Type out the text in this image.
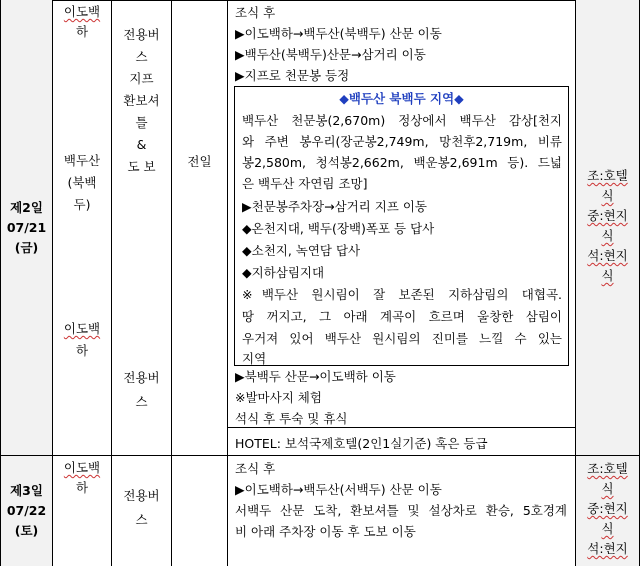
제2일
07/21
(금)
이도백
하
백두산
(북백
두)
이도백
하
전용버
스
지프
환보셔
틀
&
도 보
전용버
스
전일
조식 후
▶이도백하→백두산(북백두) 산문 이동
▶백두산(북백두)산문→삼거리 이동
▶지프로 천문봉 등정
▶북백두 산문→이도백하 이동
※발마사지 체험
석식 후 투숙 및 휴식
◆백두산 북백두 지역◆
백두산 천문봉(2,670m) 정상에서 백두산 감상[천지
와 주변 봉우리(장군봉2,749m, 망천후2,719m, 비류
봉2,580m, 청석봉2,662m, 백운봉2,691m 등). 드넓
은 백두산 자연림 조망]
▶천문봉주차장→삼거리 지프 이동
◆온천지대, 백두(장백)폭포 등 답사
◆소천지, 녹연담 답사
◆지하삼림지대
※백두산 원시림이 잘 보존된 지하삼림의 대협곡.
땅 꺼지고, 그 아래 계곡이 흐르며 울창한 삼림이
우거져 있어 백두산 원시림의 진미를 느낄 수 있는
지역
HOTEL: 보석국제호텔(2인1실기준) 혹은 등급
조:호텔
식
중:현지
식
석:현지
식
제3일
07/22
(토)
이도백
하
전용버
스
조식 후
▶이도백하→백두산(서백두) 산문 이동
서백두 산문 도착, 환보셔틀 및 설상차로 환승, 5호경계
비 아래 주차장 이동 후 도보 이동
조:호텔
식
중:현지
식
석:현지
